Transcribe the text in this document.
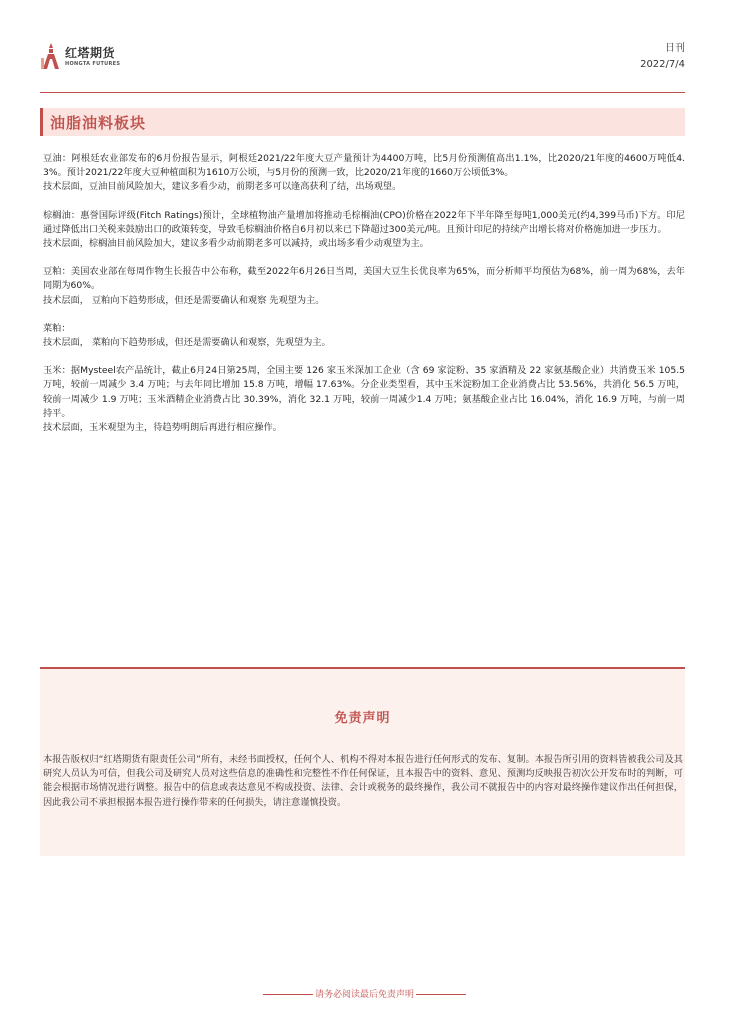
红塔期货
HONGTA FUTURES
日刊
2022/7/4
油脂油料板块

豆油：阿根廷农业部发布的6月份报告显示，阿根廷2021/22年度大豆产量预计为4400万吨，比5月份预测值高出1.1%，比2020/21年度的4600万吨低4.3%。预计2021/22年度大豆种植面积为1610万公顷，与5月份的预测一致，比2020/21年度的1660万公顷低3%。

技术层面，豆油目前风险加大，建议多看少动，前期老多可以逢高获利了结，出场观望。

棕榈油：惠誉国际评级(Fitch Ratings)预计，全球植物油产量增加将推动毛棕榈油(CPO)价格在2022年下半年降至每吨1,000美元(约4,399马币)下方。印尼通过降低出口关税来鼓励出口的政策转变，导致毛棕榈油价格自6月初以来已下降超过300美元/吨。且预计印尼的持续产出增长将对价格施加进一步压力。

技术层面，棕榈油目前风险加大，建议多看少动前期老多可以减持，或出场多看少动观望为主。

豆粕：美国农业部在每周作物生长报告中公布称，截至2022年6月26日当周，美国大豆生长优良率为65%，而分析师平均预估为68%，前一周为68%，去年同期为60%。

技术层面， 豆粕向下趋势形成，但还是需要确认和观察 先观望为主。

菜粕：

技术层面， 菜粕向下趋势形成，但还是需要确认和观察，先观望为主。

玉米：据Mysteel农产品统计，截止6月24日第25周，全国主要 126 家玉米深加工企业（含 69 家淀粉、35 家酒精及 22 家氨基酸企业）共消费玉米 105.5 万吨，较前一周减少 3.4 万吨；与去年同比增加 15.8 万吨，增幅 17.63%。分企业类型看，其中玉米淀粉加工企业消费占比 53.56%，共消化 56.5 万吨，较前一周减少 1.9 万吨；玉米酒精企业消费占比 30.39%，消化 32.1 万吨，较前一周减少1.4 万吨；氨基酸企业占比 16.04%，消化 16.9 万吨，与前一周持平。

技术层面，玉米观望为主，待趋势明朗后再进行相应操作。

免责声明
本报告版权归“红塔期货有限责任公司”所有，未经书面授权，任何个人、机构不得对本报告进行任何形式的发布、复制。本报告所引用的资料皆被我公司及其研究人员认为可信，但我公司及研究人员对这些信息的准确性和完整性不作任何保证，且本报告中的资料、意见、预测均反映报告初次公开发布时的判断，可能会根据市场情况进行调整。报告中的信息或表达意见不构成投资、法律、会计或税务的最终操作，我公司不就报告中的内容对最终操作建议作出任何担保，因此我公司不承担根据本报告进行操作带来的任何损失，请注意谨慎投资。
请务必阅读最后免责声明
